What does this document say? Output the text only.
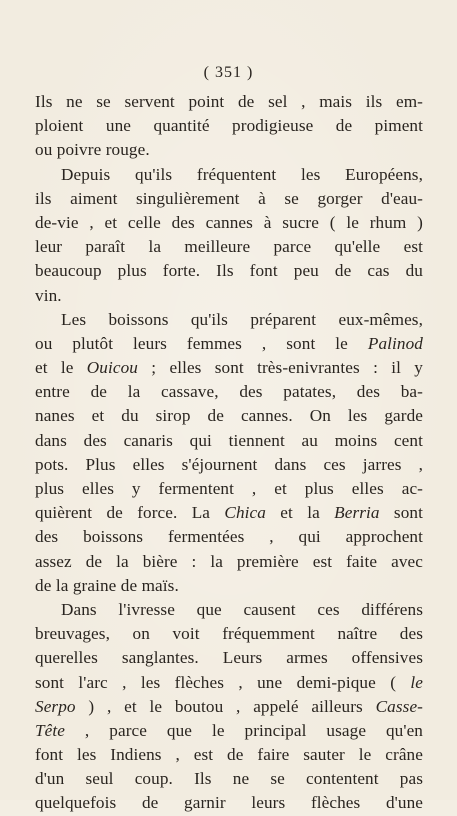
( 351 )
Ils ne se servent point de sel , mais ils em-
ploient une quantité prodigieuse de piment
ou poivre rouge.
Depuis qu'ils fréquentent les Européens,
ils aiment singulièrement à se gorger d'eau-
de-vie , et celle des cannes à sucre ( le rhum )
leur paraît la meilleure parce qu'elle est
beaucoup plus forte. Ils font peu de cas du
vin.
Les boissons qu'ils préparent eux-mêmes,
ou plutôt leurs femmes , sont le Palinod
et le Ouicou ; elles sont très-enivrantes : il y
entre de la cassave, des patates, des ba-
nanes et du sirop de cannes. On les garde
dans des canaris qui tiennent au moins cent
pots. Plus elles s'éjournent dans ces jarres ,
plus elles y fermentent , et plus elles ac-
quièrent de force. La Chica et la Berria sont
des boissons fermentées , qui approchent
assez de la bière : la première est faite avec
de la graine de maïs.
Dans l'ivresse que causent ces différens
breuvages, on voit fréquemment naître des
querelles sanglantes. Leurs armes offensives
sont l'arc , les flèches , une demi-pique ( le
Serpo ) , et le boutou , appelé ailleurs Casse-
Tête , parce que le principal usage qu'en
font les Indiens , est de faire sauter le crâne
d'un seul coup. Ils ne se contentent pas
quelquefois de garnir leurs flèches d'une
